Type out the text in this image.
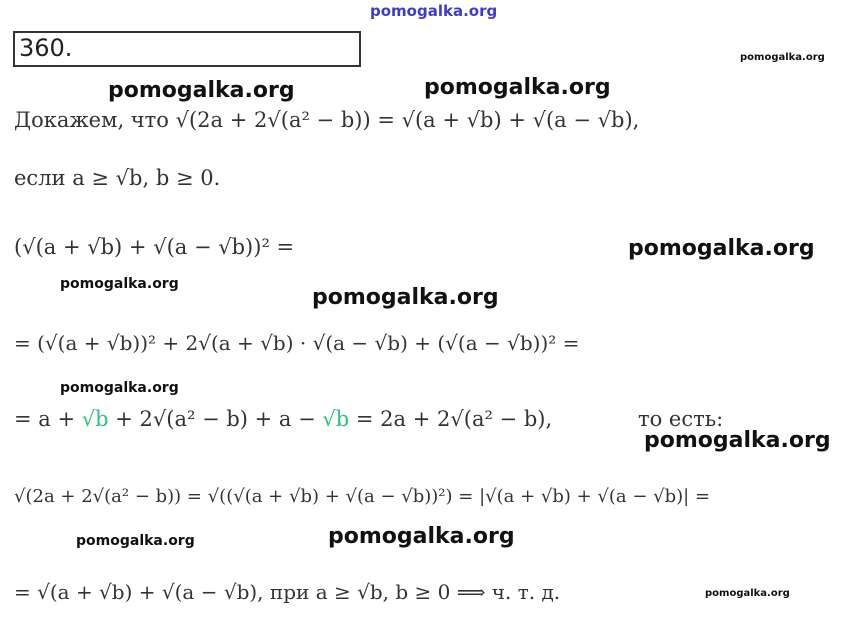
pomogalka.org
360.	pomogalka.org
pomogalka.org	pomogalka.org
pomogalka.org
pomogalka.org
pomogalka.org
pomogalka.org
pomogalka.org
pomogalka.org	pomogalka.org
pomogalka.org
Докажем, что √(2a + 2√(a² − b)) = √(a + √b) + √(a − √b),
если a ≥ √b, b ≥ 0.
(√(a + √b) + √(a − √b))² =
= (√(a + √b))² + 2√(a + √b) · √(a − √b) + (√(a − √b))² =
= a + √b + 2√(a² − b) + a − √b = 2a + 2√(a² − b),	то есть:
√(2a + 2√(a² − b)) = √((√(a + √b) + √(a − √b))²) = |√(a + √b) + √(a − √b)| =
= √(a + √b) + √(a − √b), при a ≥ √b, b ≥ 0 ⟹ ч. т. д.
